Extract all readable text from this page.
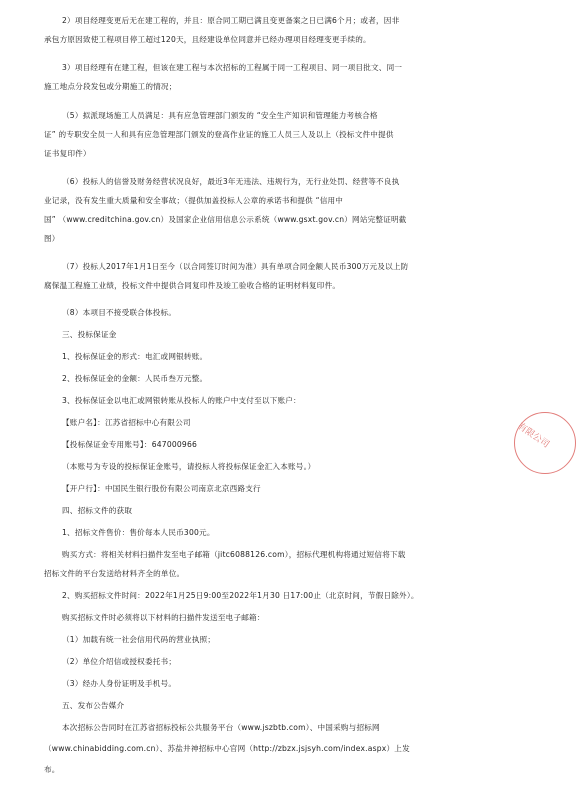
2）项目经理变更后无在建工程的，并且：原合同工期已满且变更备案之日已满6个月；或者，因非
承包方原因致使工程项目停工超过120天，且经建设单位同意并已经办理项目经理变更手续的。
3）项目经理有在建工程，但该在建工程与本次招标的工程属于同一工程项目、同一项目批文、同一
施工地点分段发包或分期施工的情况；
（5）拟派现场施工人员满足：具有应急管理部门颁发的 “安全生产知识和管理能力考核合格
证” 的专职安全员一人和具有应急管理部门颁发的登高作业证的施工人员三人及以上（投标文件中提供
证书复印件）
（6）投标人的信誉及财务经营状况良好，最近3年无违法、违规行为，无行业处罚、经营等不良执
业记录，没有发生重大质量和安全事故；（提供加盖投标人公章的承诺书和提供 “信用中
国” （www.creditchina.gov.cn）及国家企业信用信息公示系统（www.gsxt.gov.cn）网站完整证明截
图）
（7）投标人2017年1月1日至今（以合同签订时间为准）具有单项合同金额人民币300万元及以上防
腐保温工程施工业绩，投标文件中提供合同复印件及竣工验收合格的证明材料复印件。
（8）本项目不接受联合体投标。
三、投标保证金
1、投标保证金的形式：电汇或网银转账。
2、投标保证金的金额：人民币叁万元整。
3、投标保证金以电汇或网银转账从投标人的账户中支付至以下账户：
【账户名】：江苏省招标中心有限公司
【投标保证金专用账号】：647000966
（本账号为专设的投标保证金账号，请投标人将投标保证金汇入本账号。）
【开户行】：中国民生银行股份有限公司南京北京西路支行
四、招标文件的获取
1、招标文件售价：售价每本人民币300元。
购买方式：将相关材料扫描件发至电子邮箱（jitc6088126.com），招标代理机构将通过短信将下载
招标文件的平台发送给材料齐全的单位。
2、购买招标文件时间：2022年1月25日9:00至2022年1月30 日17:00止（北京时间，节假日除外）。
购买招标文件时必须将以下材料的扫描件发送至电子邮箱：
（1）加载有统一社会信用代码的营业执照；
（2）单位介绍信或授权委托书；
（3）经办人身份证明及手机号。
五、发布公告媒介
本次招标公告同时在江苏省招标投标公共服务平台（www.jszbtb.com）、中国采购与招标网
（www.chinabidding.com.cn）、苏盐井神招标中心官网（http://zbzx.jsjsyh.com/index.aspx）上发
布。
有限公司
